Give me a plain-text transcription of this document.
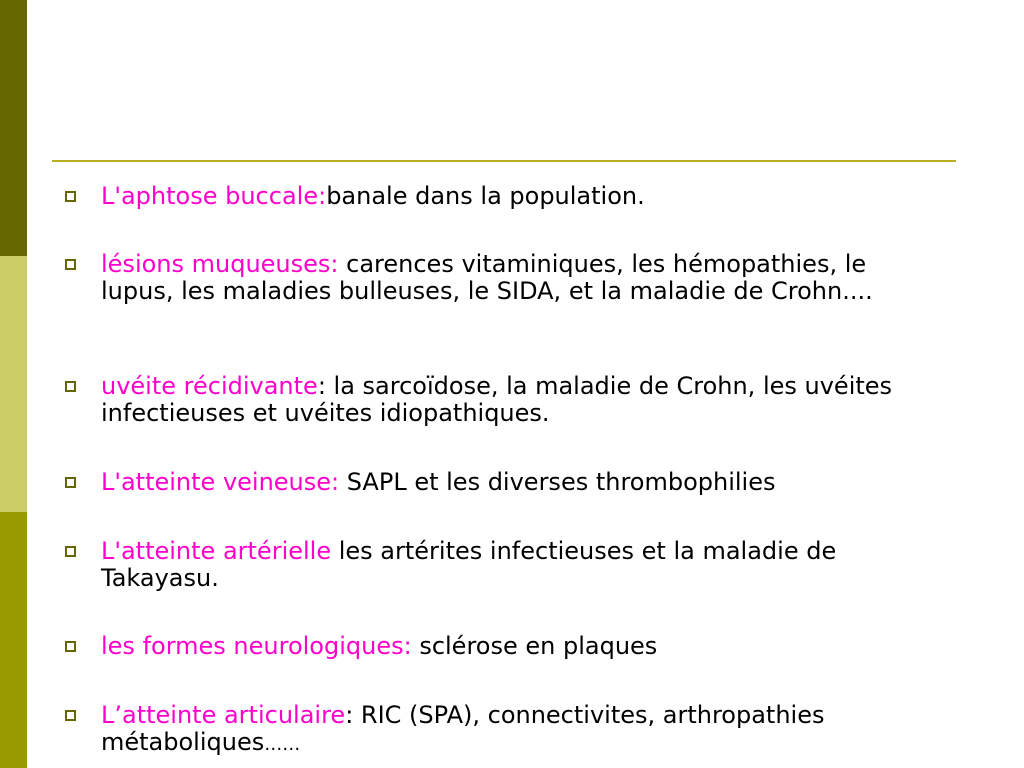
L'aphtose buccale:banale dans la population.
lésions muqueuses: carences vitaminiques, les hémopathies, le lupus, les maladies bulleuses, le SIDA, et la maladie de Crohn....
uvéite récidivante: la sarcoïdose, la maladie de Crohn, les uvéites infectieuses et uvéites idiopathiques.
L'atteinte veineuse: SAPL et les diverses thrombophilies
L'atteinte artérielle les artérites infectieuses et la maladie de Takayasu.
les formes neurologiques: sclérose en plaques
L’atteinte articulaire: RIC (SPA), connectivites, arthropathies métaboliques……
